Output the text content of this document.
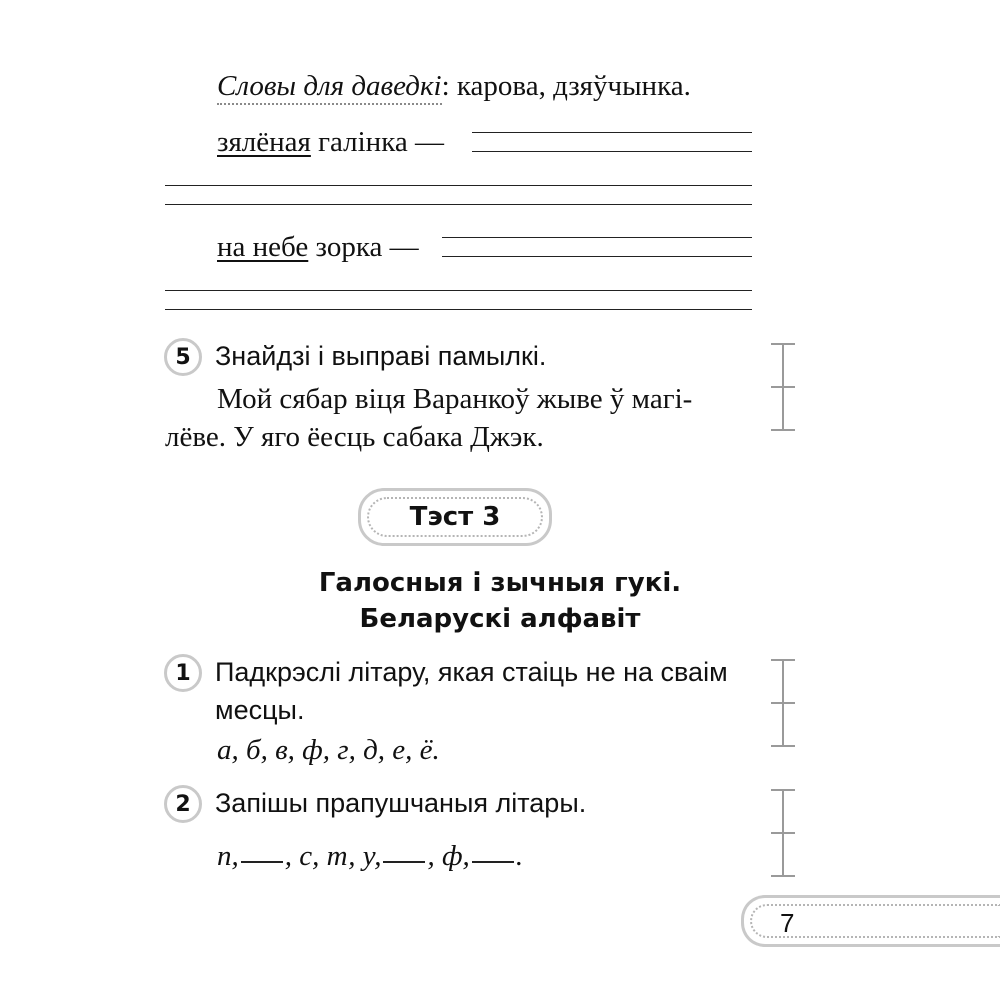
Словы для даведкі: карова, дзяўчынка.
зялёная галінка —
на небе зорка —
5 Знайдзі і выправі памылкі.
Мой сябар віця Варанкоў жыве ў магі-
лёве. У яго ёесць сабака Джэк.
Тэст 3
Галосныя і зычныя гукі.
Беларускі алфавіт
1 Падкрэслі літару, якая стаіць не на сваім
месцы.
а, б, в, ф, г, д, е, ё.
2 Запішы прапушчаныя літары.
п, , с, т, у, , ф, .
7
